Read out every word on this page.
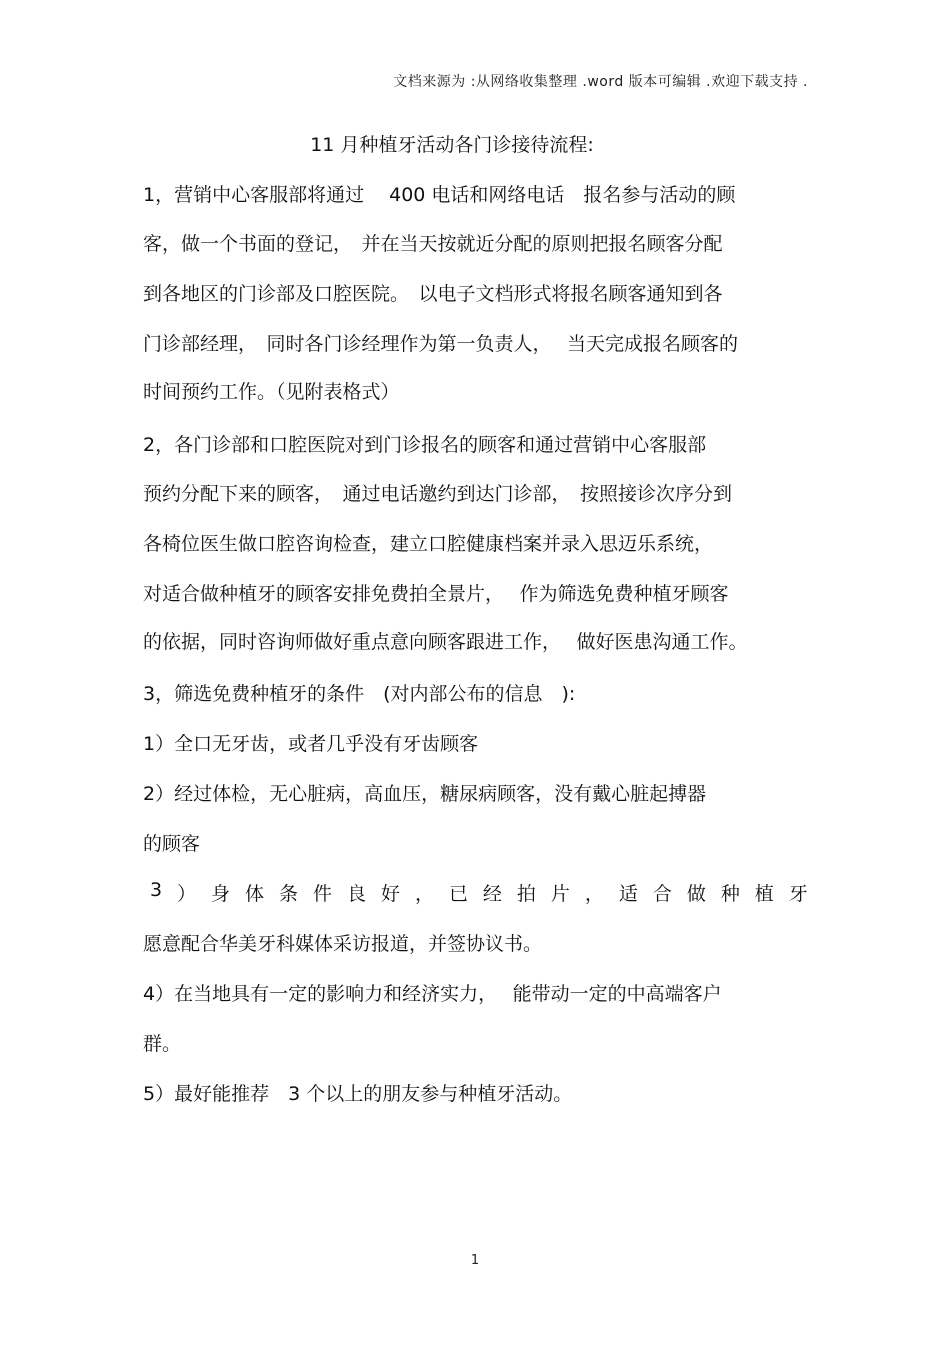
文档来源为 :从网络收集整理 .word 版本可编辑 .欢迎下载支持 .
11 月种植牙活动各门诊接待流程:
1，营销中心客服部将通过　 400 电话和网络电话　报名参与活动的顾
客，做一个书面的登记，　并在当天按就近分配的原则把报名顾客分配
到各地区的门诊部及口腔医院。　以电子文档形式将报名顾客通知到各
门诊部经理，　同时各门诊经理作为第一负责人，　 当天完成报名顾客的
时间预约工作。（见附表格式）
2，各门诊部和口腔医院对到门诊报名的顾客和通过营销中心客服部
预约分配下来的顾客，　通过电话邀约到达门诊部，　按照接诊次序分到
各椅位医生做口腔咨询检查，建立口腔健康档案并录入思迈乐系统，
对适合做种植牙的顾客安排免费拍全景片，　 作为筛选免费种植牙顾客
的依据，同时咨询师做好重点意向顾客跟进工作，　 做好医患沟通工作。
3，筛选免费种植牙的条件　(对内部公布的信息　):
1）全口无牙齿，或者几乎没有牙齿顾客
2）经过体检，无心脏病，高血压，糖尿病顾客，没有戴心脏起搏器
的顾客
3 ） 身 体 条 件 良 好 ， 已 经 拍 片 ， 适 合 做 种 植 牙
愿意配合华美牙科媒体采访报道，并签协议书。
4）在当地具有一定的影响力和经济实力，　 能带动一定的中高端客户
群。
5）最好能推荐　3 个以上的朋友参与种植牙活动。
1
